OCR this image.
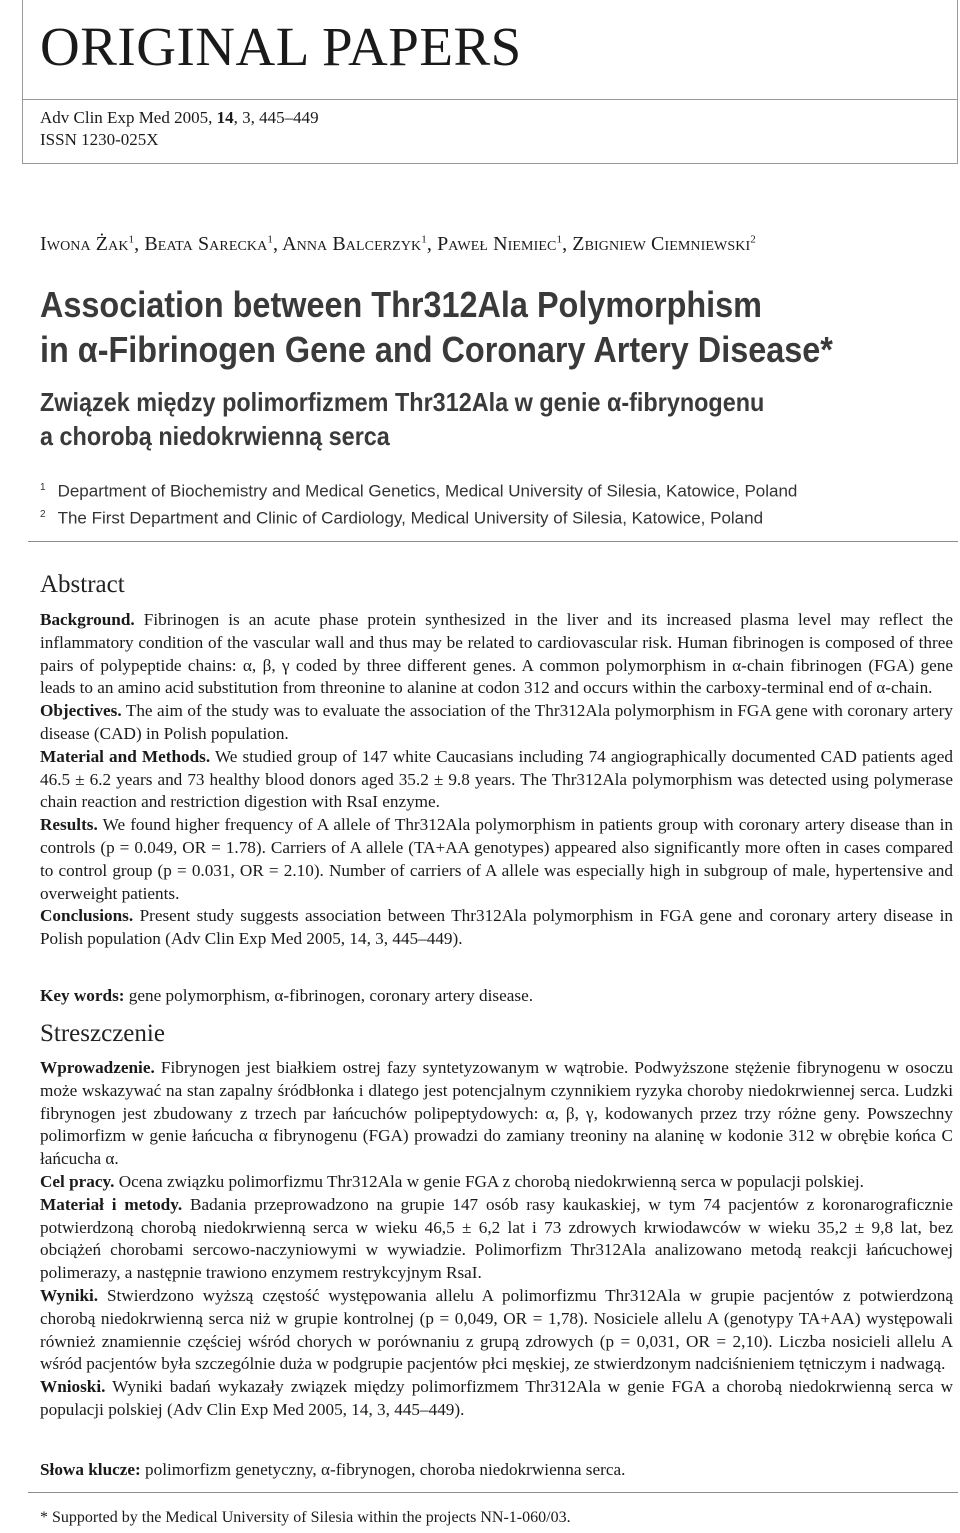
ORIGINAL PAPERS
Adv Clin Exp Med 2005, 14, 3, 445–449
ISSN 1230-025X
Iwona Żak$^1$, Beata Sarecka$^1$, Anna Balcerzyk$^1$, Paweł Niemiec$^1$, Zbigniew Ciemniewski$^2$
Association between Thr312Ala Polymorphism
in α-Fibrinogen Gene and Coronary Artery Disease*
Związek między polimorfizmem Thr312Ala w genie α-fibrynogenu
a chorobą niedokrwienną serca
$^1$ Department of Biochemistry and Medical Genetics, Medical University of Silesia, Katowice, Poland
$^2$ The First Department and Clinic of Cardiology, Medical University of Silesia, Katowice, Poland
Abstract

Background. Fibrinogen is an acute phase protein synthesized in the liver and its increased plasma level may reflect the inflammatory condition of the vascular wall and thus may be related to cardiovascular risk. Human fibrinogen is composed of three pairs of polypeptide chains: α, β, γ coded by three different genes. A common polymorphism in α-chain fibrinogen (FGA) gene leads to an amino acid substitution from threonine to alanine at codon 312 and occurs within the carboxy-terminal end of α-chain.

Objectives. The aim of the study was to evaluate the association of the Thr312Ala polymorphism in FGA gene with coronary artery disease (CAD) in Polish population.

Material and Methods. We studied group of 147 white Caucasians including 74 angiographically documented CAD patients aged 46.5 ± 6.2 years and 73 healthy blood donors aged 35.2 ± 9.8 years. The Thr312Ala polymorphism was detected using polymerase chain reaction and restriction digestion with RsaI enzyme.

Results. We found higher frequency of A allele of Thr312Ala polymorphism in patients group with coronary artery disease than in controls (p = 0.049, OR = 1.78). Carriers of A allele (TA+AA genotypes) appeared also significantly more often in cases compared to control group (p = 0.031, OR = 2.10). Number of carriers of A allele was especially high in subgroup of male, hypertensive and overweight patients.

Conclusions. Present study suggests association between Thr312Ala polymorphism in FGA gene and coronary artery disease in Polish population (Adv Clin Exp Med 2005, 14, 3, 445–449).

Key words: gene polymorphism, α-fibrinogen, coronary artery disease.
Streszczenie

Wprowadzenie. Fibrynogen jest białkiem ostrej fazy syntetyzowanym w wątrobie. Podwyższone stężenie fibrynogenu w osoczu może wskazywać na stan zapalny śródbłonka i dlatego jest potencjalnym czynnikiem ryzyka choroby niedokrwiennej serca. Ludzki fibrynogen jest zbudowany z trzech par łańcuchów polipeptydowych: α, β, γ, kodowanych przez trzy różne geny. Powszechny polimorfizm w genie łańcucha α fibrynogenu (FGA) prowadzi do zamiany treoniny na alaninę w kodonie 312 w obrębie końca C łańcucha α.

Cel pracy. Ocena związku polimorfizmu Thr312Ala w genie FGA z chorobą niedokrwienną serca w populacji polskiej.

Materiał i metody. Badania przeprowadzono na grupie 147 osób rasy kaukaskiej, w tym 74 pacjentów z koronarograficznie potwierdzoną chorobą niedokrwienną serca w wieku 46,5 ± 6,2 lat i 73 zdrowych krwiodawców w wieku 35,2 ± 9,8 lat, bez obciążeń chorobami sercowo-naczyniowymi w wywiadzie. Polimorfizm Thr312Ala analizowano metodą reakcji łańcuchowej polimerazy, a następnie trawiono enzymem restrykcyjnym RsaI.

Wyniki. Stwierdzono wyższą częstość występowania allelu A polimorfizmu Thr312Ala w grupie pacjentów z potwierdzoną chorobą niedokrwienną serca niż w grupie kontrolnej (p = 0,049, OR = 1,78). Nosiciele allelu A (genotypy TA+AA) występowali również znamiennie częściej wśród chorych w porównaniu z grupą zdrowych (p = 0,031, OR = 2,10). Liczba nosicieli allelu A wśród pacjentów była szczególnie duża w podgrupie pacjentów płci męskiej, ze stwierdzonym nadciśnieniem tętniczym i nadwagą.

Wnioski. Wyniki badań wykazały związek między polimorfizmem Thr312Ala w genie FGA a chorobą niedokrwienną serca w populacji polskiej (Adv Clin Exp Med 2005, 14, 3, 445–449).

Słowa klucze: polimorfizm genetyczny, α-fibrynogen, choroba niedokrwienna serca.
* Supported by the Medical University of Silesia within the projects NN-1-060/03.
